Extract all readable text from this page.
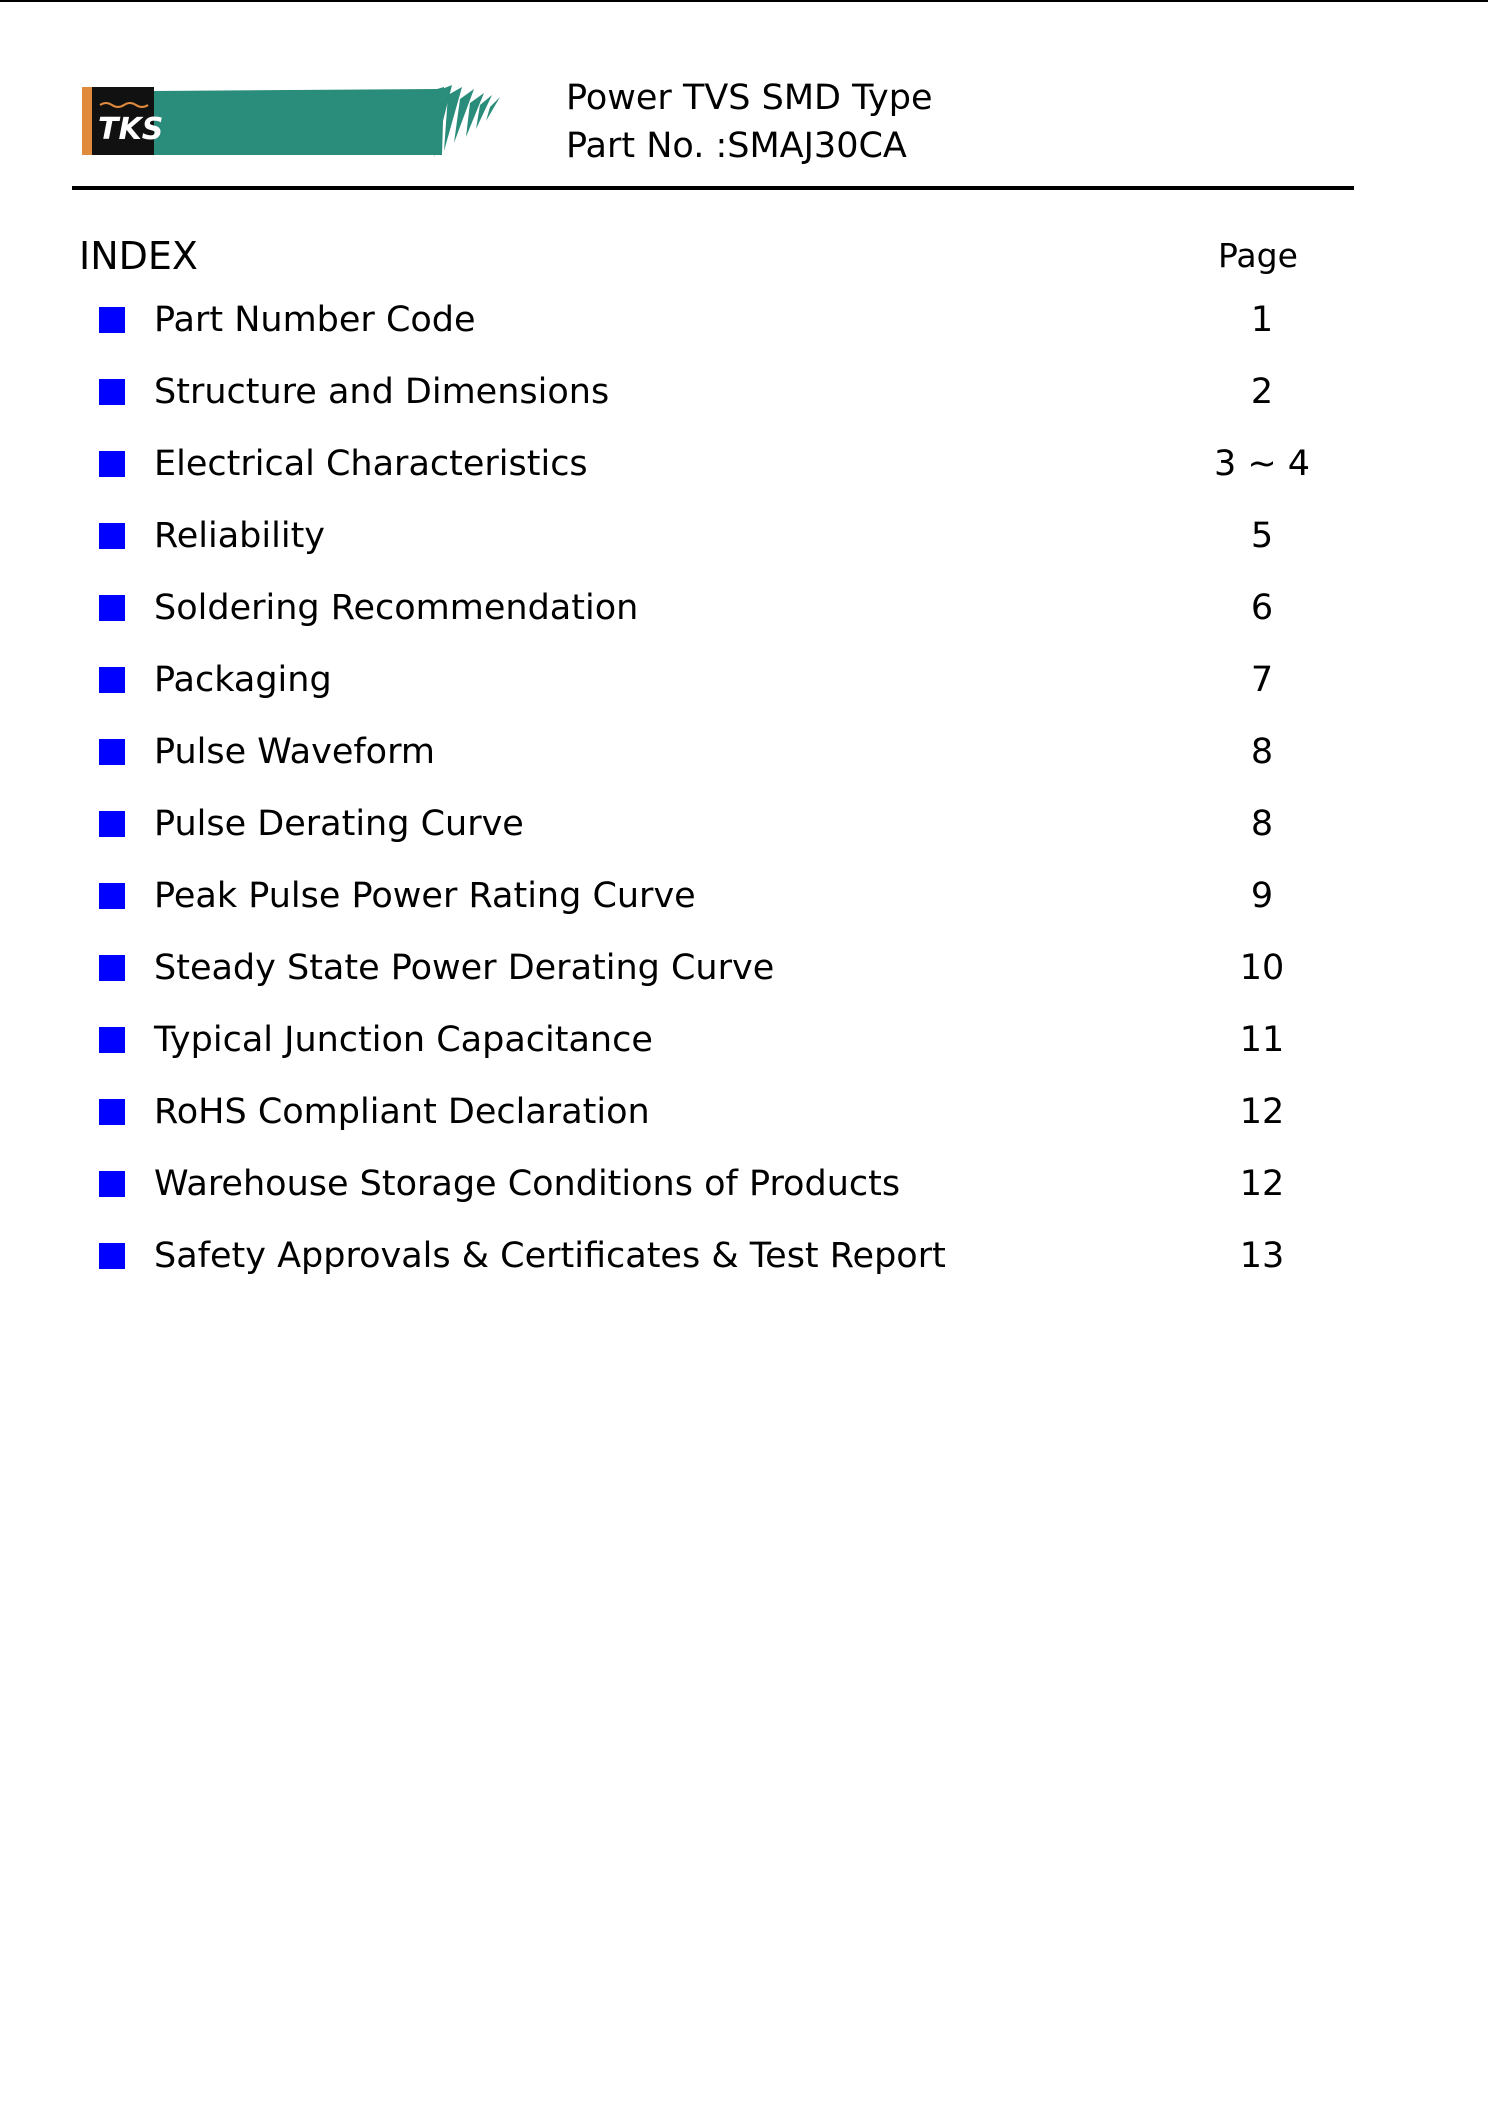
TKS
Power TVS SMD Type
Part No. :SMAJ30CA
INDEX	Page
Part Number Code	1
Structure and Dimensions	2
Electrical Characteristics	3 ~ 4
Reliability	5
Soldering Recommendation	6
Packaging	7
Pulse Waveform	8
Pulse Derating Curve	8
Peak Pulse Power Rating Curve	9
Steady State Power Derating Curve	10
Typical Junction Capacitance	11
RoHS Compliant Declaration	12
Warehouse Storage Conditions of Products	12
Safety Approvals & Certificates & Test Report	13
